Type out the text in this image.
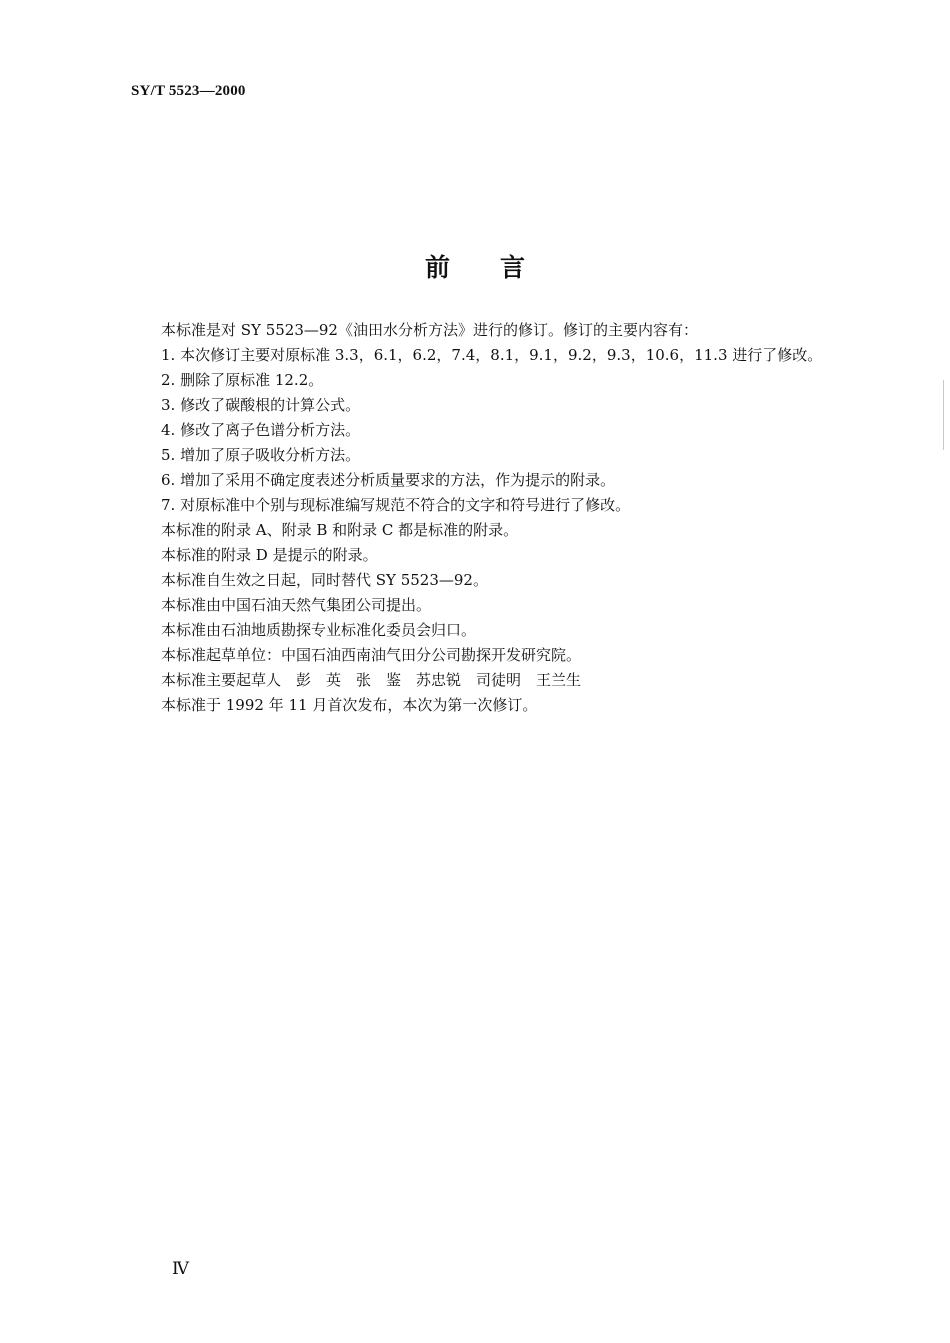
SY/T 5523—2000
前言

本标准是对 SY 5523—92《油田水分析方法》进行的修订。修订的主要内容有：

1. 本次修订主要对原标准 3.3，6.1，6.2，7.4，8.1，9.1，9.2，9.3，10.6，11.3 进行了修改。

2. 删除了原标准 12.2。

3. 修改了碳酸根的计算公式。

4. 修改了离子色谱分析方法。

5. 增加了原子吸收分析方法。

6. 增加了采用不确定度表述分析质量要求的方法，作为提示的附录。

7. 对原标准中个别与现标准编写规范不符合的文字和符号进行了修改。

本标准的附录 A、附录 B 和附录 C 都是标准的附录。

本标准的附录 D 是提示的附录。

本标准自生效之日起，同时替代 SY 5523—92。

本标准由中国石油天然气集团公司提出。

本标准由石油地质勘探专业标准化委员会归口。

本标准起草单位：中国石油西南油气田分公司勘探开发研究院。

本标准主要起草人　彭　英　张　鉴　苏忠锐　司徒明　王兰生

本标准于 1992 年 11 月首次发布，本次为第一次修订。

Ⅳ
